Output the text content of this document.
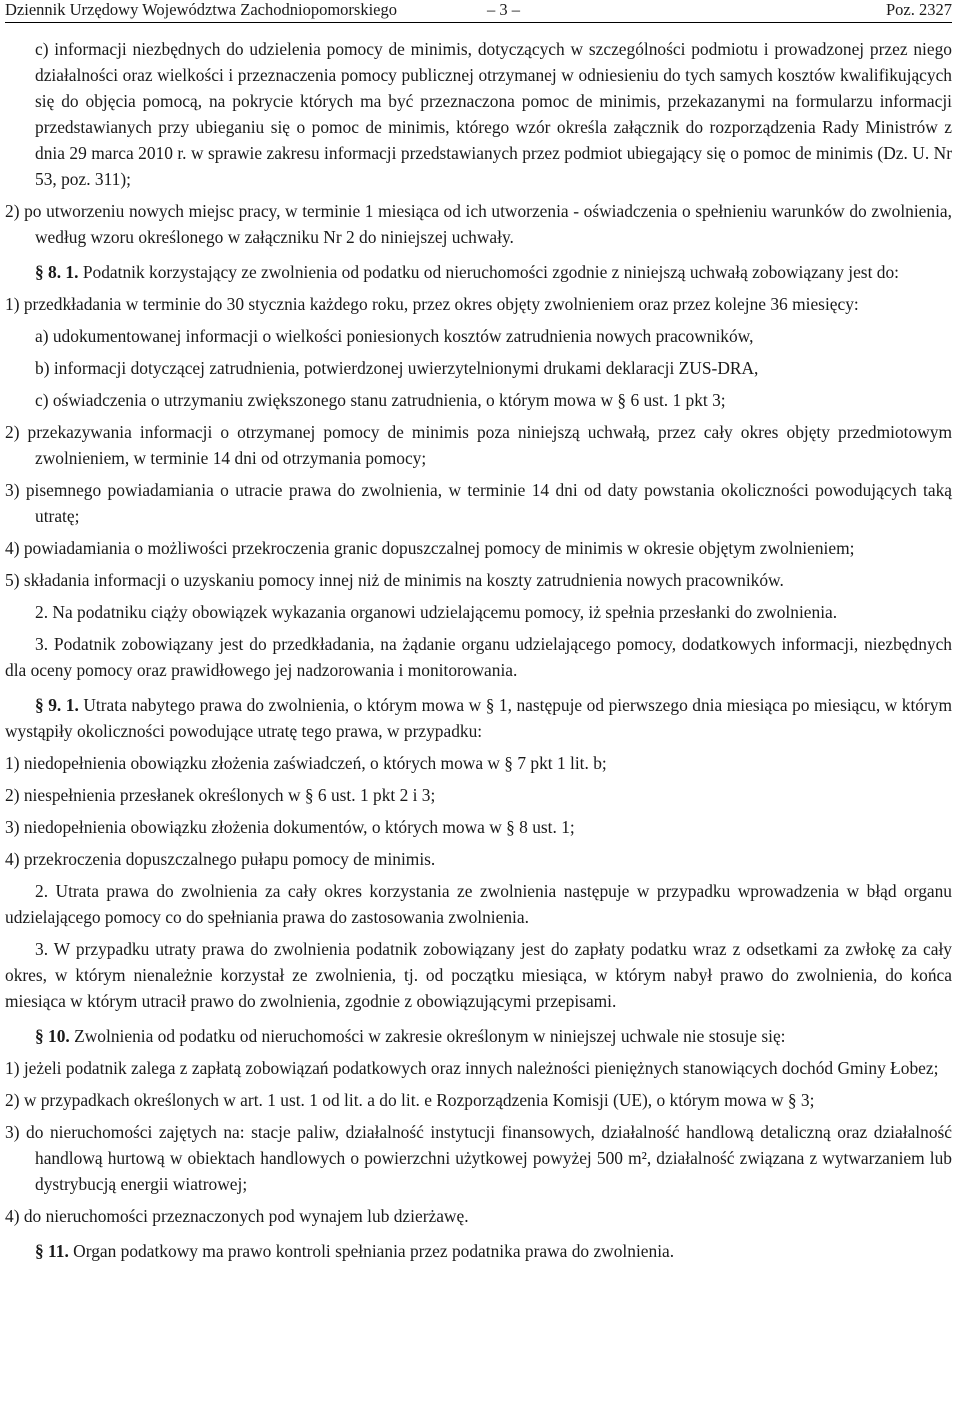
Dziennik Urzędowy Województwa Zachodniopomorskiego	– 3 –	Poz. 2327

c) informacji niezbędnych do udzielenia pomocy de minimis, dotyczących w szczególności podmiotu i prowadzonej przez niego działalności oraz wielkości i przeznaczenia pomocy publicznej otrzymanej w odniesieniu do tych samych kosztów kwalifikujących się do objęcia pomocą, na pokrycie których ma być przeznaczona pomoc de minimis, przekazanymi na formularzu informacji przedstawianych przy ubieganiu się o pomoc de minimis, którego wzór określa załącznik do rozporządzenia Rady Ministrów z dnia 29 marca 2010 r. w sprawie zakresu informacji przedstawianych przez podmiot ubiegający się o pomoc de minimis (Dz. U. Nr 53, poz. 311);

2) po utworzeniu nowych miejsc pracy, w terminie 1 miesiąca od ich utworzenia - oświadczenia o spełnieniu warunków do zwolnienia, według wzoru określonego w załączniku Nr 2 do niniejszej uchwały.

§ 8. 1. Podatnik korzystający ze zwolnienia od podatku od nieruchomości zgodnie z niniejszą uchwałą zobowiązany jest do:

1) przedkładania w terminie do 30 stycznia każdego roku, przez okres objęty zwolnieniem oraz przez kolejne 36 miesięcy:

a) udokumentowanej informacji o wielkości poniesionych kosztów zatrudnienia nowych pracowników,

b) informacji dotyczącej zatrudnienia, potwierdzonej uwierzytelnionymi drukami deklaracji ZUS-DRA,

c) oświadczenia o utrzymaniu zwiększonego stanu zatrudnienia, o którym mowa w § 6 ust. 1 pkt 3;

2) przekazywania informacji o otrzymanej pomocy de minimis poza niniejszą uchwałą, przez cały okres objęty przedmiotowym zwolnieniem, w terminie 14 dni od otrzymania pomocy;

3) pisemnego powiadamiania o utracie prawa do zwolnienia, w terminie 14 dni od daty powstania okoliczności powodujących taką utratę;

4) powiadamiania o możliwości przekroczenia granic dopuszczalnej pomocy de minimis w okresie objętym zwolnieniem;

5) składania informacji o uzyskaniu pomocy innej niż de minimis na koszty zatrudnienia nowych pracowników.

2. Na podatniku ciąży obowiązek wykazania organowi udzielającemu pomocy, iż spełnia przesłanki do zwolnienia.

3. Podatnik zobowiązany jest do przedkładania, na żądanie organu udzielającego pomocy, dodatkowych informacji, niezbędnych dla oceny pomocy oraz prawidłowego jej nadzorowania i monitorowania.

§ 9. 1. Utrata nabytego prawa do zwolnienia, o którym mowa w § 1, następuje od pierwszego dnia miesiąca po miesiącu, w którym wystąpiły okoliczności powodujące utratę tego prawa, w przypadku:

1) niedopełnienia obowiązku złożenia zaświadczeń, o których mowa w § 7 pkt 1 lit. b;

2) niespełnienia przesłanek określonych w § 6 ust. 1 pkt 2 i 3;

3) niedopełnienia obowiązku złożenia dokumentów, o których mowa w § 8 ust. 1;

4) przekroczenia dopuszczalnego pułapu pomocy de minimis.

2. Utrata prawa do zwolnienia za cały okres korzystania ze zwolnienia następuje w przypadku wprowadzenia w błąd organu udzielającego pomocy co do spełniania prawa do zastosowania zwolnienia.

3. W przypadku utraty prawa do zwolnienia podatnik zobowiązany jest do zapłaty podatku wraz z odsetkami za zwłokę za cały okres, w którym nienależnie korzystał ze zwolnienia, tj. od początku miesiąca, w którym nabył prawo do zwolnienia, do końca miesiąca w którym utracił prawo do zwolnienia, zgodnie z obowiązującymi przepisami.

§ 10. Zwolnienia od podatku od nieruchomości w zakresie określonym w niniejszej uchwale nie stosuje się:

1) jeżeli podatnik zalega z zapłatą zobowiązań podatkowych oraz innych należności pieniężnych stanowiących dochód Gminy Łobez;

2) w przypadkach określonych w art. 1 ust. 1 od lit. a do lit. e Rozporządzenia Komisji (UE), o którym mowa w § 3;

3) do nieruchomości zajętych na: stacje paliw, działalność instytucji finansowych, działalność handlową detaliczną oraz działalność handlową hurtową w obiektach handlowych o powierzchni użytkowej powyżej 500 m², działalność związana z wytwarzaniem lub dystrybucją energii wiatrowej;

4) do nieruchomości przeznaczonych pod wynajem lub dzierżawę.

§ 11. Organ podatkowy ma prawo kontroli spełniania przez podatnika prawa do zwolnienia.
